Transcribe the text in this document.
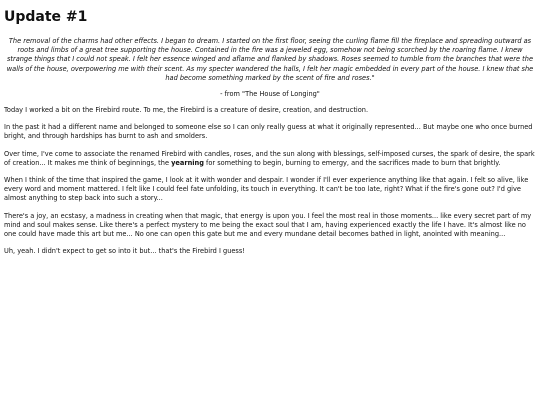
Update #1

The removal of the charms had other effects. I began to dream. I started on the first floor, seeing the curling flame fill the fireplace and spreading outward as roots and limbs of a great tree supporting the house. Contained in the fire was a jeweled egg, somehow not being scorched by the roaring flame. I knew strange things that I could not speak. I felt her essence winged and aflame and flanked by shadows. Roses seemed to tumble from the branches that were the walls of the house, overpowering me with their scent. As my specter wandered the halls, I felt her magic embedded in every part of the house. I knew that she had become something marked by the scent of fire and roses."

- from "The House of Longing"

Today I worked a bit on the Firebird route. To me, the Firebird is a creature of desire, creation, and destruction.

In the past it had a different name and belonged to someone else so I can only really guess at what it originally represented... But maybe one who once burned bright, and through hardships has burnt to ash and smolders.

Over time, I've come to associate the renamed Firebird with candles, roses, and the sun along with blessings, self-imposed curses, the spark of desire, the spark of creation... It makes me think of beginnings, the yearning for something to begin, burning to emergy, and the sacrifices made to burn that brightly.

When I think of the time that inspired the game, I look at it with wonder and despair. I wonder if I'll ever experience anything like that again. I felt so alive, like every word and moment mattered. I felt like I could feel fate unfolding, its touch in everything. It can't be too late, right? What if the fire's gone out? I'd give almost anything to step back into such a story...

There's a joy, an ecstasy, a madness in creating when that magic, that energy is upon you. I feel the most real in those moments... like every secret part of my mind and soul makes sense. Like there's a perfect mystery to me being the exact soul that I am, having experienced exactly the life I have. It's almost like no one could have made this art but me... No one can open this gate but me and every mundane detail becomes bathed in light, anointed with meaning...

Uh, yeah. I didn't expect to get so into it but... that's the Firebird I guess!
